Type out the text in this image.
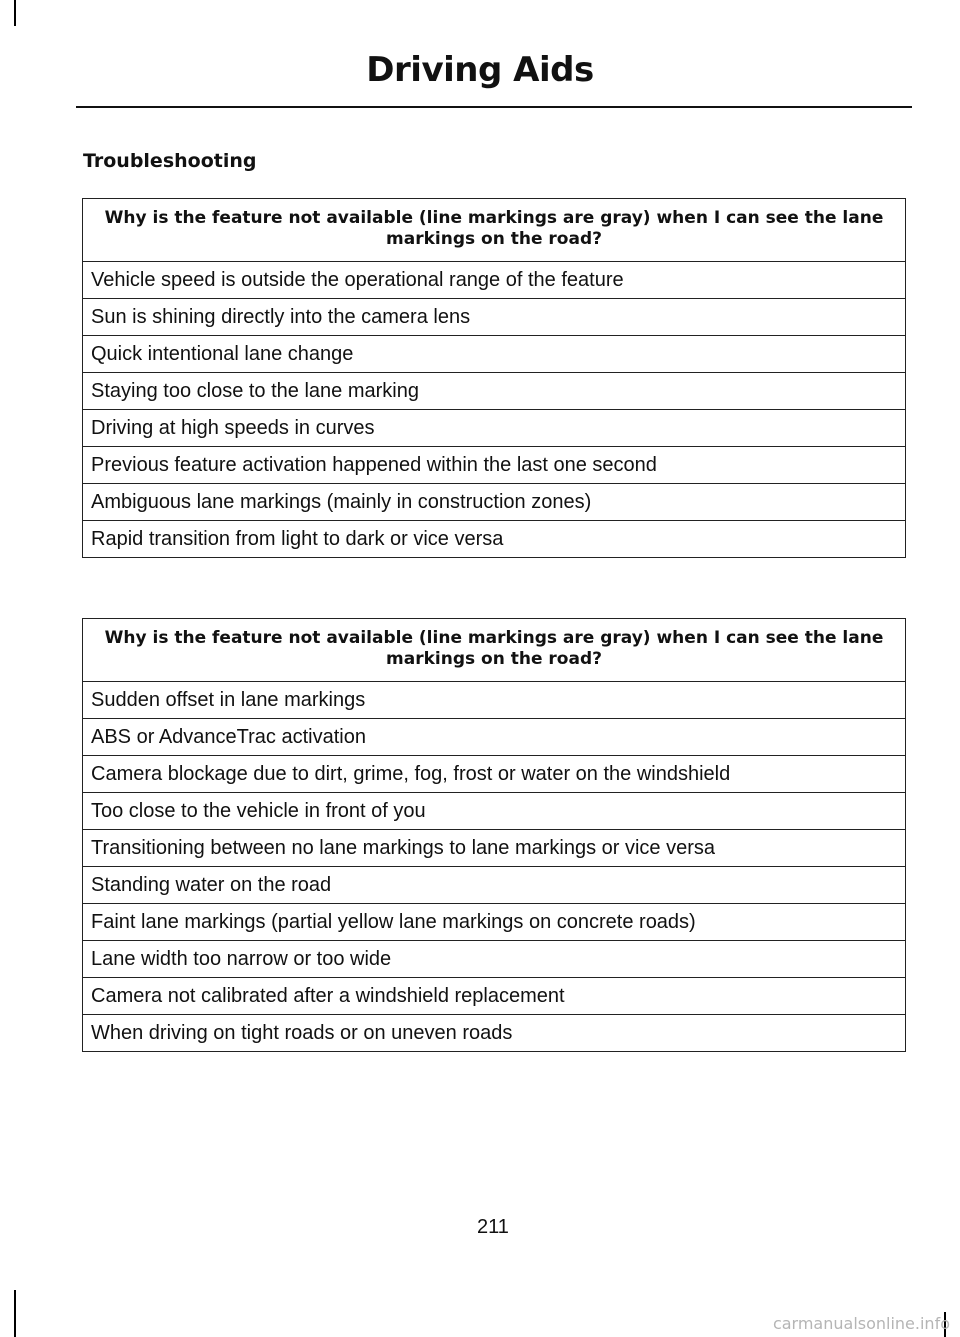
Driving Aids
Troubleshooting
Why is the feature not available (line markings are gray) when I can see the lane markings on the road?
Vehicle speed is outside the operational range of the feature
Sun is shining directly into the camera lens
Quick intentional lane change
Staying too close to the lane marking
Driving at high speeds in curves
Previous feature activation happened within the last one second
Ambiguous lane markings (mainly in construction zones)
Rapid transition from light to dark or vice versa
Why is the feature not available (line markings are gray) when I can see the lane markings on the road?
Sudden offset in lane markings
ABS or AdvanceTrac activation
Camera blockage due to dirt, grime, fog, frost or water on the windshield
Too close to the vehicle in front of you
Transitioning between no lane markings to lane markings or vice versa
Standing water on the road
Faint lane markings (partial yellow lane markings on concrete roads)
Lane width too narrow or too wide
Camera not calibrated after a windshield replacement
When driving on tight roads or on uneven roads
211
carmanualsonline.info
